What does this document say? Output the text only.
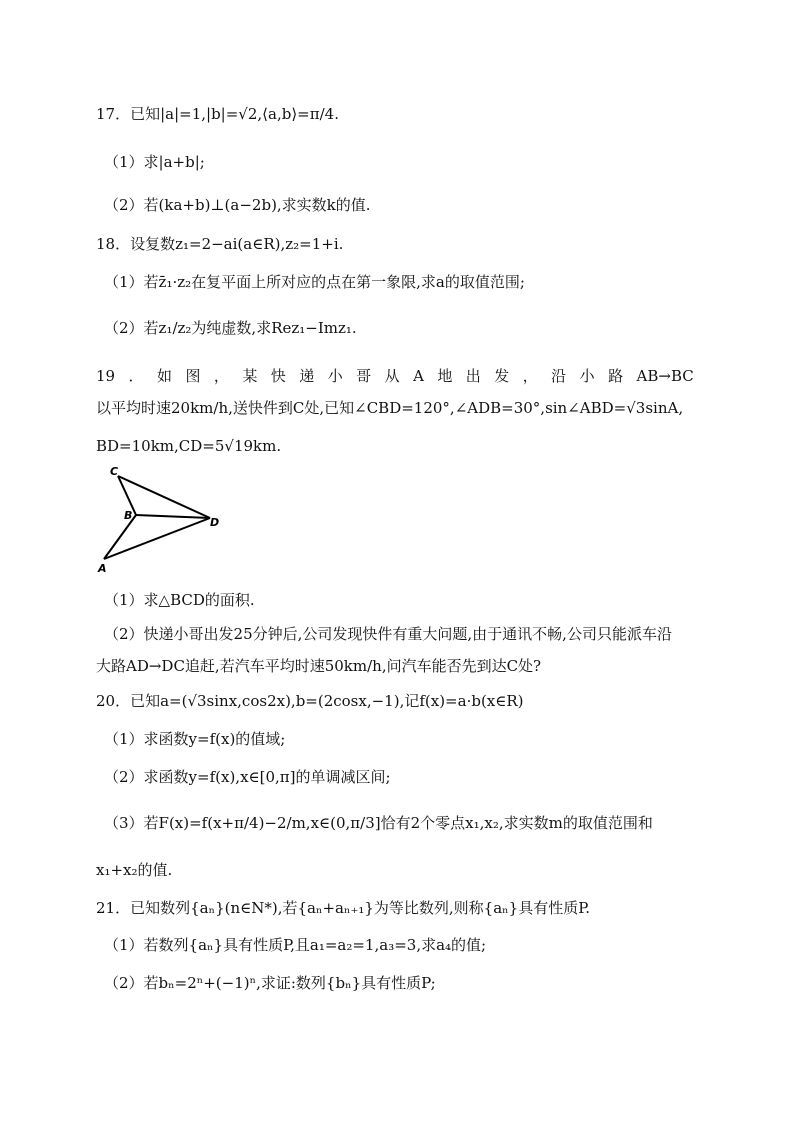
17．已知|a|=1,|b|=√2,⟨a,b⟩=π/4.
（1）求|a+b|;
（2）若(ka+b)⊥(a−2b),求实数k的值.
18．设复数z₁=2−ai(a∈R),z₂=1+i.
（1）若z̄₁·z₂在复平面上所对应的点在第一象限,求a的取值范围;
（2）若z₁/z₂为纯虚数,求Rez₁−Imz₁.
19 ． 如 图 ， 某 快 递 小 哥 从 A 地 出 发 ， 沿 小 路 AB→BC
以平均时速20km/h,送快件到C处,已知∠CBD=120°,∠ADB=30°,sin∠ABD=√3sinA,
BD=10km,CD=5√19km.
C
B
D
A
（1）求△BCD的面积.
（2）快递小哥出发25分钟后,公司发现快件有重大问题,由于通讯不畅,公司只能派车沿
大路AD→DC追赶,若汽车平均时速50km/h,问汽车能否先到达C处?
20．已知a=(√3sinx,cos2x),b=(2cosx,−1),记f(x)=a·b(x∈R)
（1）求函数y=f(x)的值域;
（2）求函数y=f(x),x∈[0,π]的单调减区间;
（3）若F(x)=f(x+π/4)−2/m,x∈(0,π/3]恰有2个零点x₁,x₂,求实数m的取值范围和
x₁+x₂的值.
21．已知数列{aₙ}(n∈N*),若{aₙ+aₙ₊₁}为等比数列,则称{aₙ}具有性质P.
（1）若数列{aₙ}具有性质P,且a₁=a₂=1,a₃=3,求a₄的值;
（2）若bₙ=2ⁿ+(−1)ⁿ,求证:数列{bₙ}具有性质P;
